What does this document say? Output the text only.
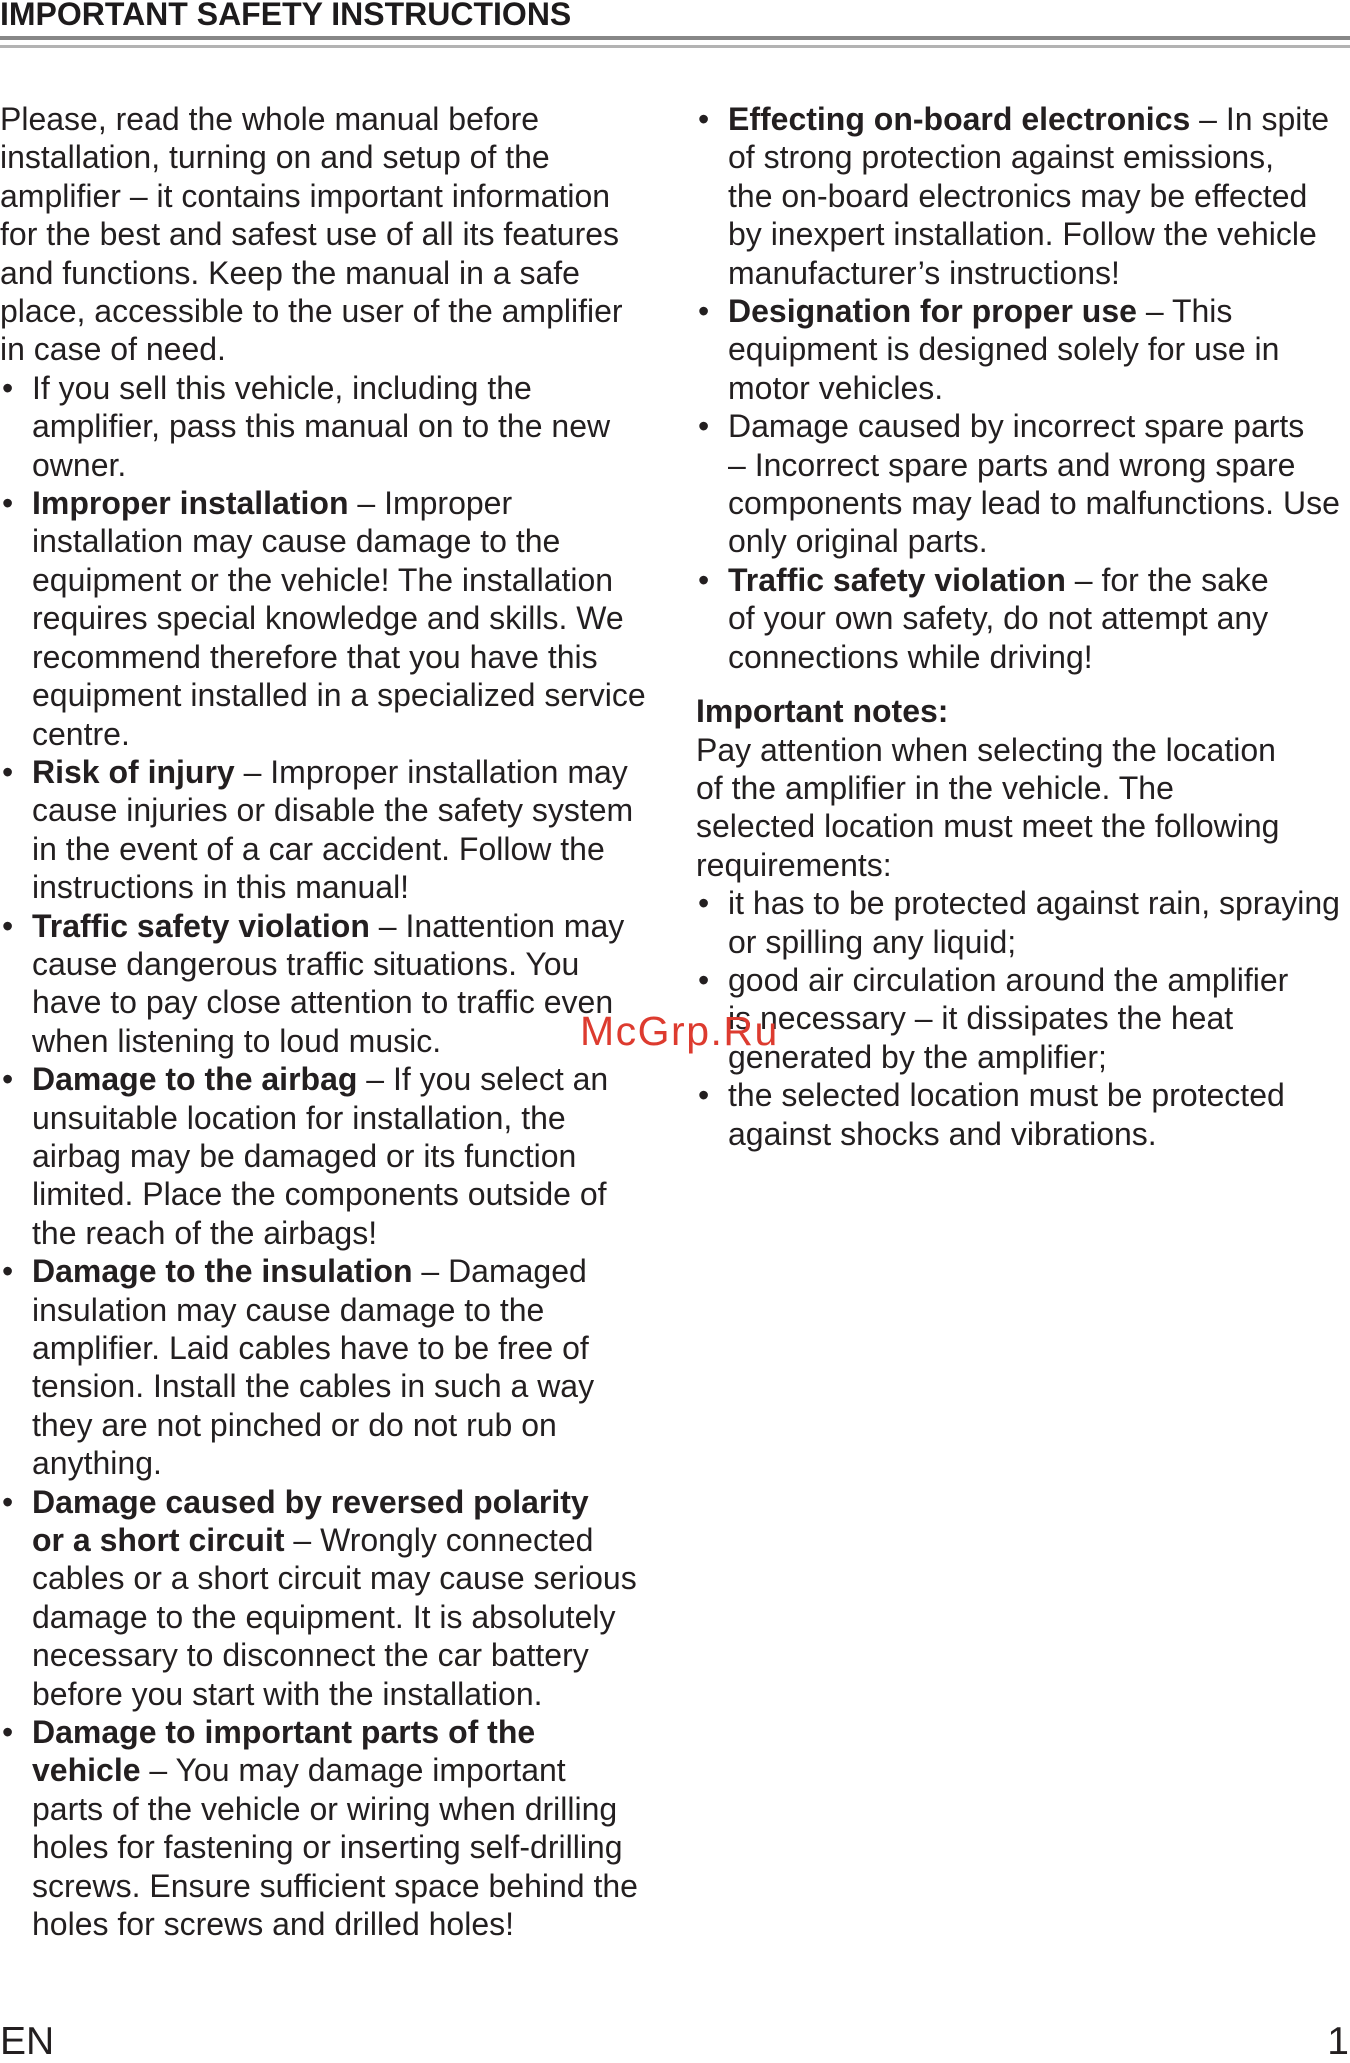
IMPORTANT SAFETY INSTRUCTIONS
Please, read the whole manual before
installation, turning on and setup of the
amplifier – it contains important information
for the best and safest use of all its features
and functions. Keep the manual in a safe
place, accessible to the user of the amplifier
in case of need.
•
If you sell this vehicle, including the
amplifier, pass this manual on to the new
owner.
•
Improper installation – Improper
installation may cause damage to the
equipment or the vehicle! The installation
requires special knowledge and skills. We
recommend therefore that you have this
equipment installed in a specialized service
centre.
•
Risk of injury – Improper installation may
cause injuries or disable the safety system
in the event of a car accident. Follow the
instructions in this manual!
•
Traffic safety violation – Inattention may
cause dangerous traffic situations. You
have to pay close attention to traffic even
when listening to loud music.
•
Damage to the airbag – If you select an
unsuitable location for installation, the
airbag may be damaged or its function
limited. Place the components outside of
the reach of the airbags!
•
Damage to the insulation – Damaged
insulation may cause damage to the
amplifier. Laid cables have to be free of
tension. Install the cables in such a way
they are not pinched or do not rub on
anything.
•
Damage caused by reversed polarity
or a short circuit – Wrongly connected
cables or a short circuit may cause serious
damage to the equipment. It is absolutely
necessary to disconnect the car battery
before you start with the installation.
•
Damage to important parts of the
vehicle – You may damage important
parts of the vehicle or wiring when drilling
holes for fastening or inserting self-drilling
screws. Ensure sufficient space behind the
holes for screws and drilled holes!
•
Effecting on-board electronics – In spite
of strong protection against emissions,
the on-board electronics may be effected
by inexpert installation. Follow the vehicle
manufacturer’s instructions!
•
Designation for proper use – This
equipment is designed solely for use in
motor vehicles.
•
Damage caused by incorrect spare parts
– Incorrect spare parts and wrong spare
components may lead to malfunctions. Use
only original parts.
•
Traffic safety violation – for the sake
of your own safety, do not attempt any
connections while driving!
Important notes:
Pay attention when selecting the location
of the amplifier in the vehicle. The
selected location must meet the following
requirements:
•
it has to be protected against rain, spraying
or spilling any liquid;
•
good air circulation around the amplifier
is necessary – it dissipates the heat
generated by the amplifier;
•
the selected location must be protected
against shocks and vibrations.
McGrp.Ru
EN	1
